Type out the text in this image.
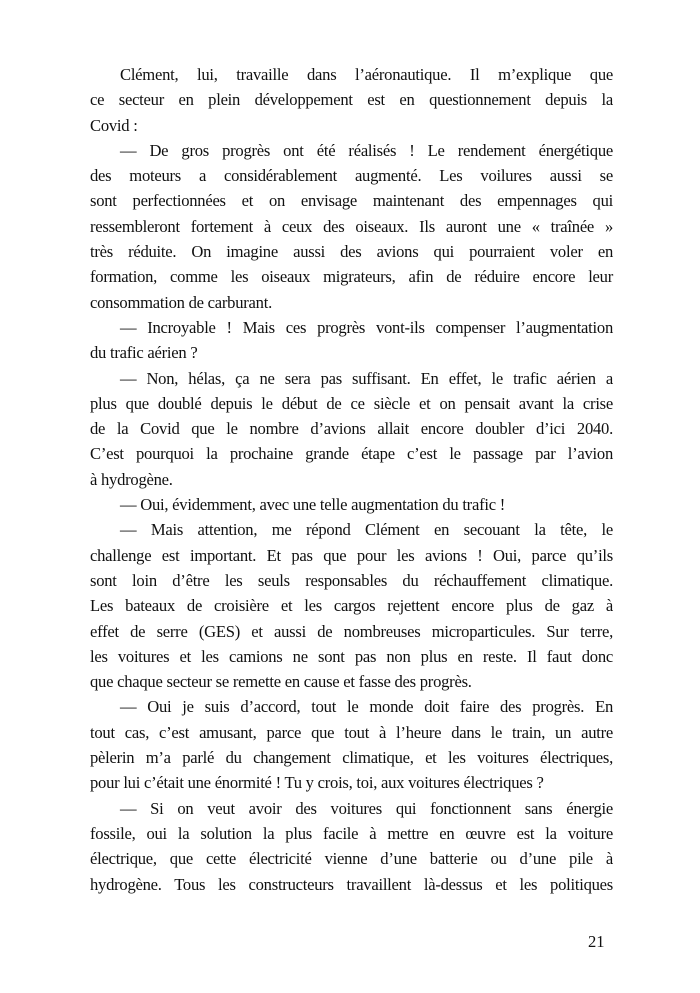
Clément, lui, travaille dans l’aéronautique. Il m’explique que
ce secteur en plein développement est en questionnement depuis la
Covid :
— De gros progrès ont été réalisés ! Le rendement énergétique
des moteurs a considérablement augmenté. Les voilures aussi se
sont perfectionnées et on envisage maintenant des empennages qui
ressembleront fortement à ceux des oiseaux. Ils auront une « traînée »
très réduite. On imagine aussi des avions qui pourraient voler en
formation, comme les oiseaux migrateurs, afin de réduire encore leur
consommation de carburant.
— Incroyable ! Mais ces progrès vont-ils compenser l’augmentation
du trafic aérien ?
— Non, hélas, ça ne sera pas suffisant. En effet, le trafic aérien a
plus que doublé depuis le début de ce siècle et on pensait avant la crise
de la Covid que le nombre d’avions allait encore doubler d’ici 2040.
C’est pourquoi la prochaine grande étape c’est le passage par l’avion
à hydrogène.
— Oui, évidemment, avec une telle augmentation du trafic !
— Mais attention, me répond Clément en secouant la tête, le
challenge est important. Et pas que pour les avions ! Oui, parce qu’ils
sont loin d’être les seuls responsables du réchauffement climatique.
Les bateaux de croisière et les cargos rejettent encore plus de gaz à
effet de serre (GES) et aussi de nombreuses microparticules. Sur terre,
les voitures et les camions ne sont pas non plus en reste. Il faut donc
que chaque secteur se remette en cause et fasse des progrès.
— Oui je suis d’accord, tout le monde doit faire des progrès. En
tout cas, c’est amusant, parce que tout à l’heure dans le train, un autre
pèlerin m’a parlé du changement climatique, et les voitures électriques,
pour lui c’était une énormité ! Tu y crois, toi, aux voitures électriques ?
— Si on veut avoir des voitures qui fonctionnent sans énergie
fossile, oui la solution la plus facile à mettre en œuvre est la voiture
électrique, que cette électricité vienne d’une batterie ou d’une pile à
hydrogène. Tous les constructeurs travaillent là-dessus et les politiques
21
